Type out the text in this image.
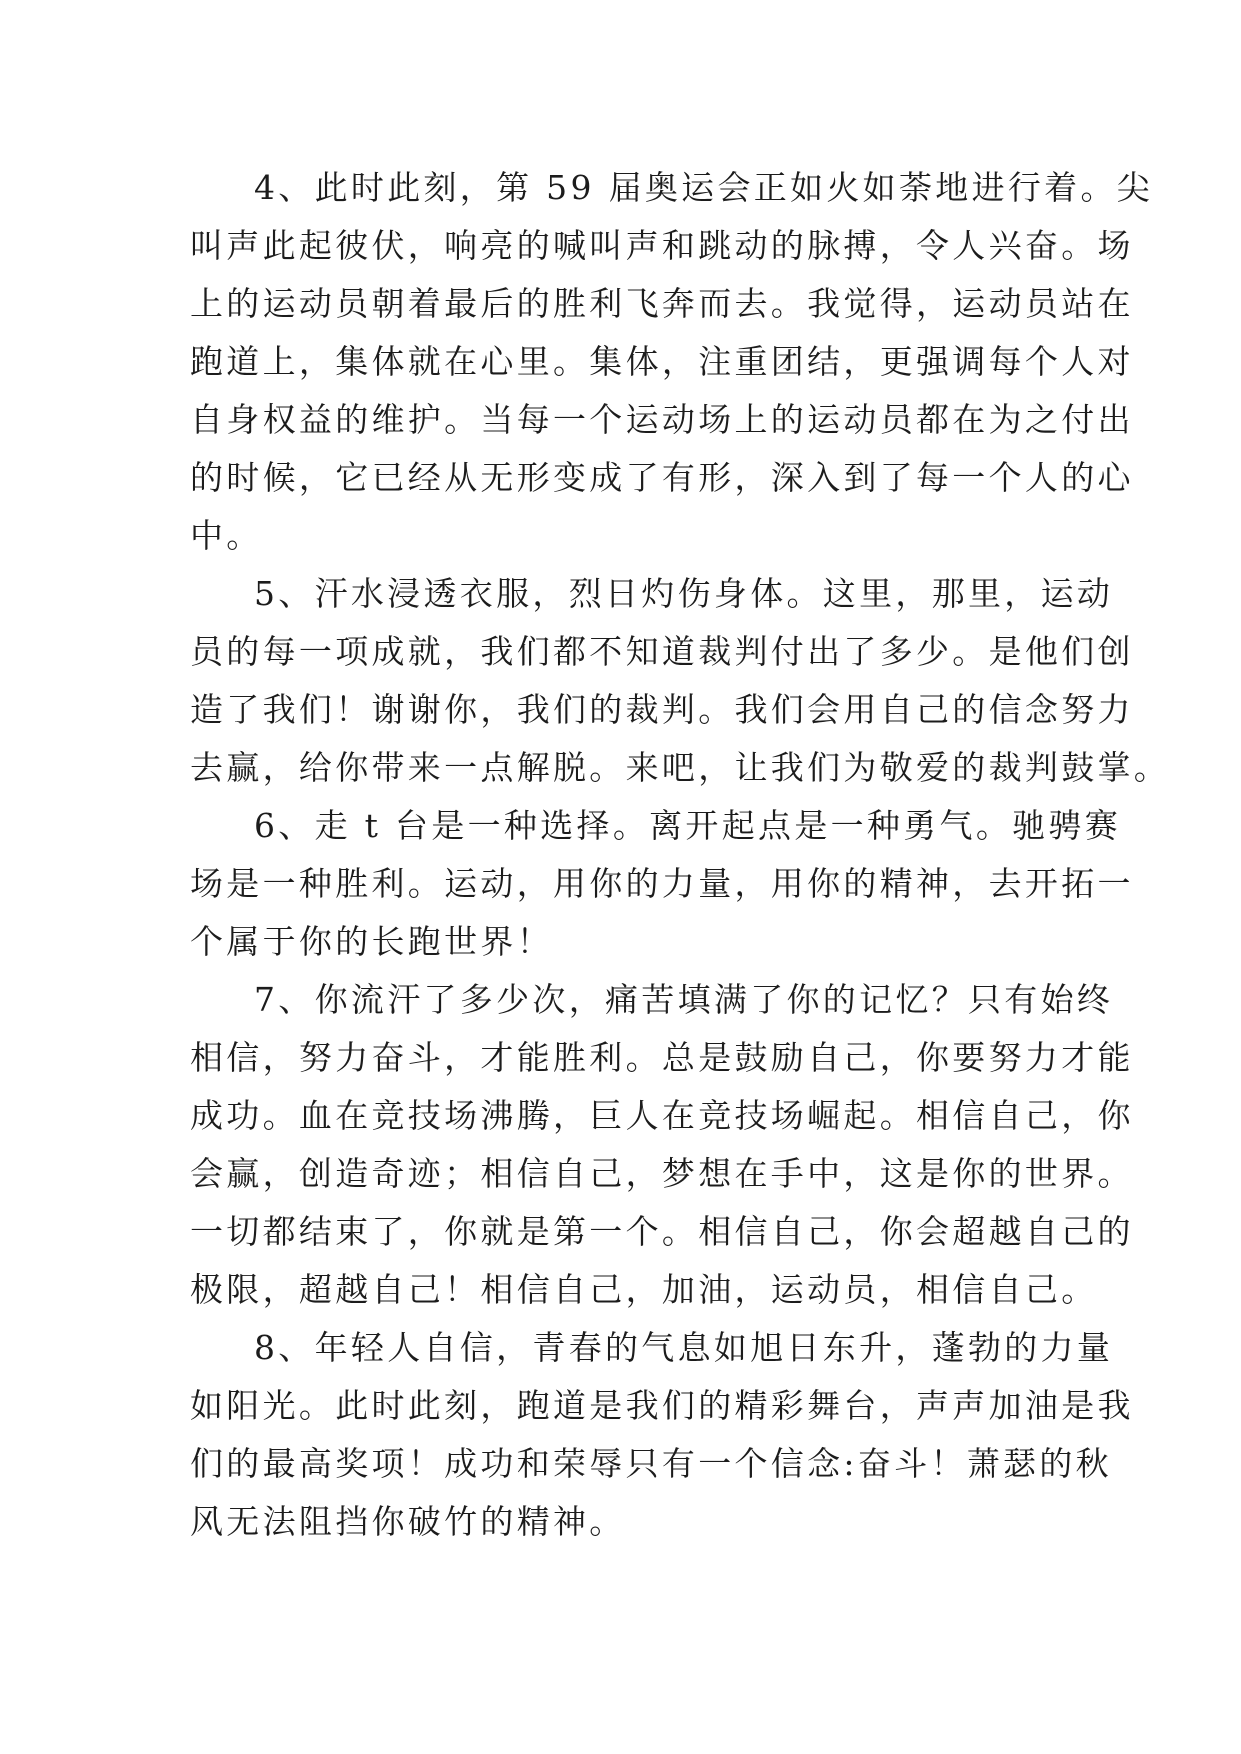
4、此时此刻，第 59 届奥运会正如火如荼地进行着。尖
叫声此起彼伏，响亮的喊叫声和跳动的脉搏，令人兴奋。场
上的运动员朝着最后的胜利飞奔而去。我觉得，运动员站在
跑道上，集体就在心里。集体，注重团结，更强调每个人对
自身权益的维护。当每一个运动场上的运动员都在为之付出
的时候，它已经从无形变成了有形，深入到了每一个人的心
中。
5、汗水浸透衣服，烈日灼伤身体。这里，那里，运动
员的每一项成就，我们都不知道裁判付出了多少。是他们创
造了我们！谢谢你，我们的裁判。我们会用自己的信念努力
去赢，给你带来一点解脱。来吧，让我们为敬爱的裁判鼓掌。
6、走 t 台是一种选择。离开起点是一种勇气。驰骋赛
场是一种胜利。运动，用你的力量，用你的精神，去开拓一
个属于你的长跑世界！
7、你流汗了多少次，痛苦填满了你的记忆？只有始终
相信，努力奋斗，才能胜利。总是鼓励自己，你要努力才能
成功。血在竞技场沸腾，巨人在竞技场崛起。相信自己，你
会赢，创造奇迹；相信自己，梦想在手中，这是你的世界。
一切都结束了，你就是第一个。相信自己，你会超越自己的
极限，超越自己！相信自己，加油，运动员，相信自己。
8、年轻人自信，青春的气息如旭日东升，蓬勃的力量
如阳光。此时此刻，跑道是我们的精彩舞台，声声加油是我
们的最高奖项！成功和荣辱只有一个信念:奋斗！萧瑟的秋
风无法阻挡你破竹的精神。
